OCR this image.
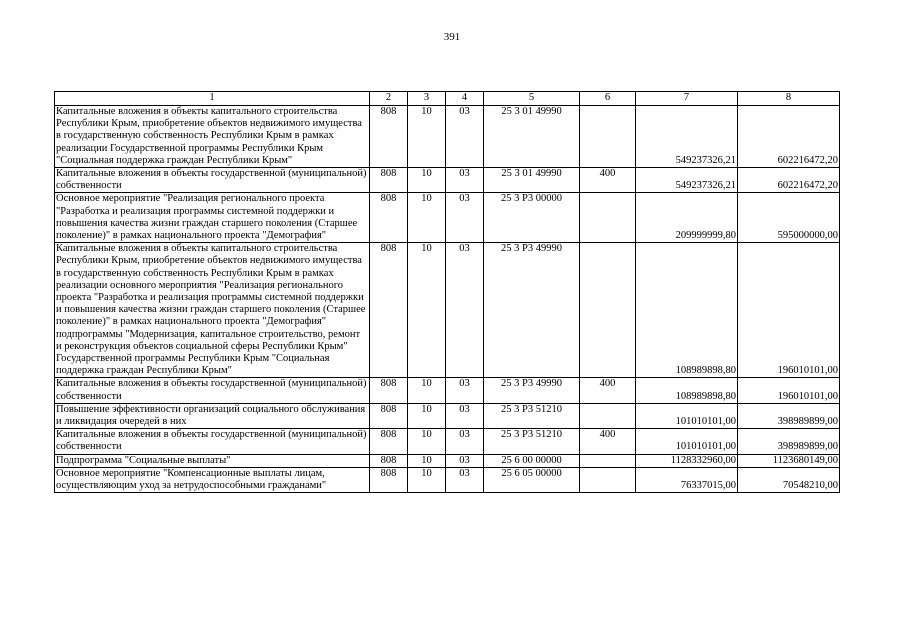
391
1	2	3	4	5	6	7	8
Капитальные вложения в объекты капитального строительства Республики Крым, приобретение объектов недвижимого имущества в государственную собственность Республики Крым в рамках реализации Государственной программы Республики Крым "Социальная поддержка граждан Республики Крым"	808	10	03	25 3 01 49990		549237326,21	602216472,20
Капитальные вложения в объекты государственной (муниципальной) собственности	808	10	03	25 3 01 49990	400	549237326,21	602216472,20
Основное мероприятие "Реализация регионального проекта "Разработка и реализация программы системной поддержки и повышения качества жизни граждан старшего поколения (Старшее поколение)" в рамках национального проекта "Демография"	808	10	03	25 3 P3 00000		209999999,80	595000000,00
Капитальные вложения в объекты капитального строительства Республики Крым, приобретение объектов недвижимого имущества в государственную собственность Республики Крым в рамках реализации основного мероприятия "Реализация регионального проекта "Разработка и реализация программы системной поддержки и повышения качества жизни граждан старшего поколения (Старшее поколение)" в рамках национального проекта "Демография" подпрограммы "Модернизация, капитальное строительство, ремонт и реконструкция объектов социальной сферы Республики Крым" Государственной программы Республики Крым "Социальная поддержка граждан Республики Крым"	808	10	03	25 3 P3 49990		108989898,80	196010101,00
Капитальные вложения в объекты государственной (муниципальной) собственности	808	10	03	25 3 P3 49990	400	108989898,80	196010101,00
Повышение эффективности организаций социального обслуживания и ликвидация очередей в них	808	10	03	25 3 P3 51210		101010101,00	398989899,00
Капитальные вложения в объекты государственной (муниципальной) собственности	808	10	03	25 3 P3 51210	400	101010101,00	398989899,00
Подпрограмма "Социальные выплаты"	808	10	03	25 6 00 00000		1128332960,00	1123680149,00
Основное мероприятие "Компенсационные выплаты лицам, осуществляющим уход за нетрудоспособными гражданами"	808	10	03	25 6 05 00000		76337015,00	70548210,00
